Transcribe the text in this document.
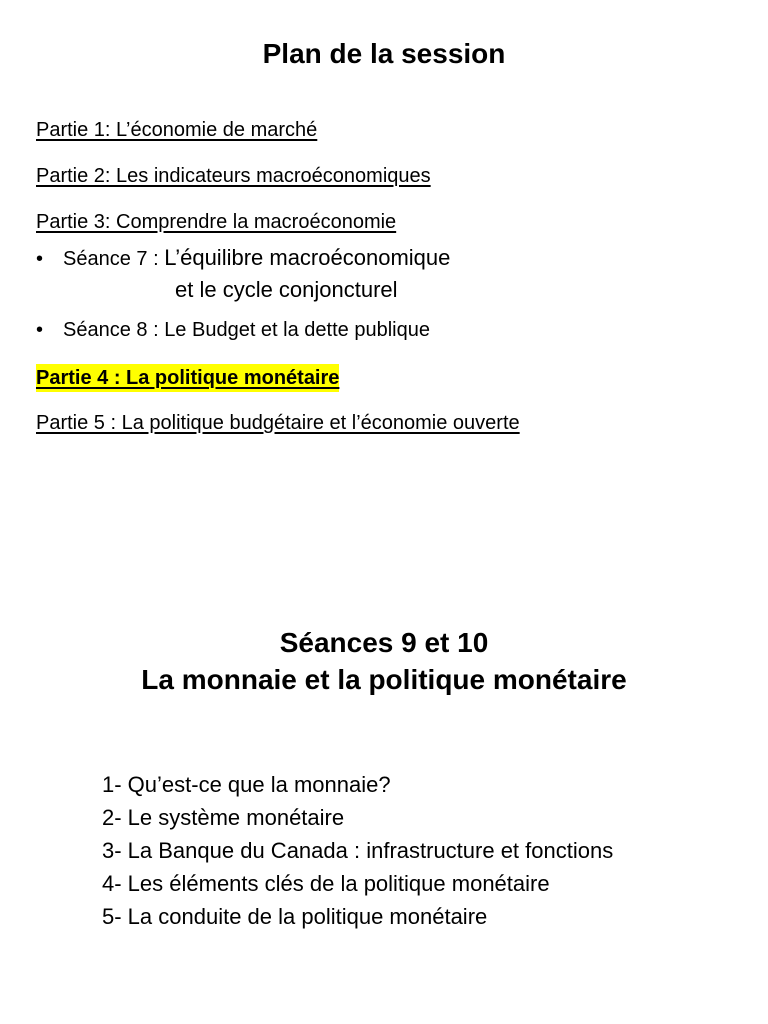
Plan de la session
Partie 1: L’économie de marché
Partie 2: Les indicateurs macroéconomiques
Partie 3: Comprendre la macroéconomie
• Séance 7 : L’équilibre macroéconomique
et le cycle conjoncturel
• Séance 8 : Le Budget et la dette publique
Partie 4 : La politique monétaire
Partie 5 : La politique budgétaire et l’économie ouverte
Séances 9 et 10
La monnaie et la politique monétaire
1- Qu’est-ce que la monnaie?
2- Le système monétaire
3- La Banque du Canada : infrastructure et fonctions
4- Les éléments clés de la politique monétaire
5- La conduite de la politique monétaire
